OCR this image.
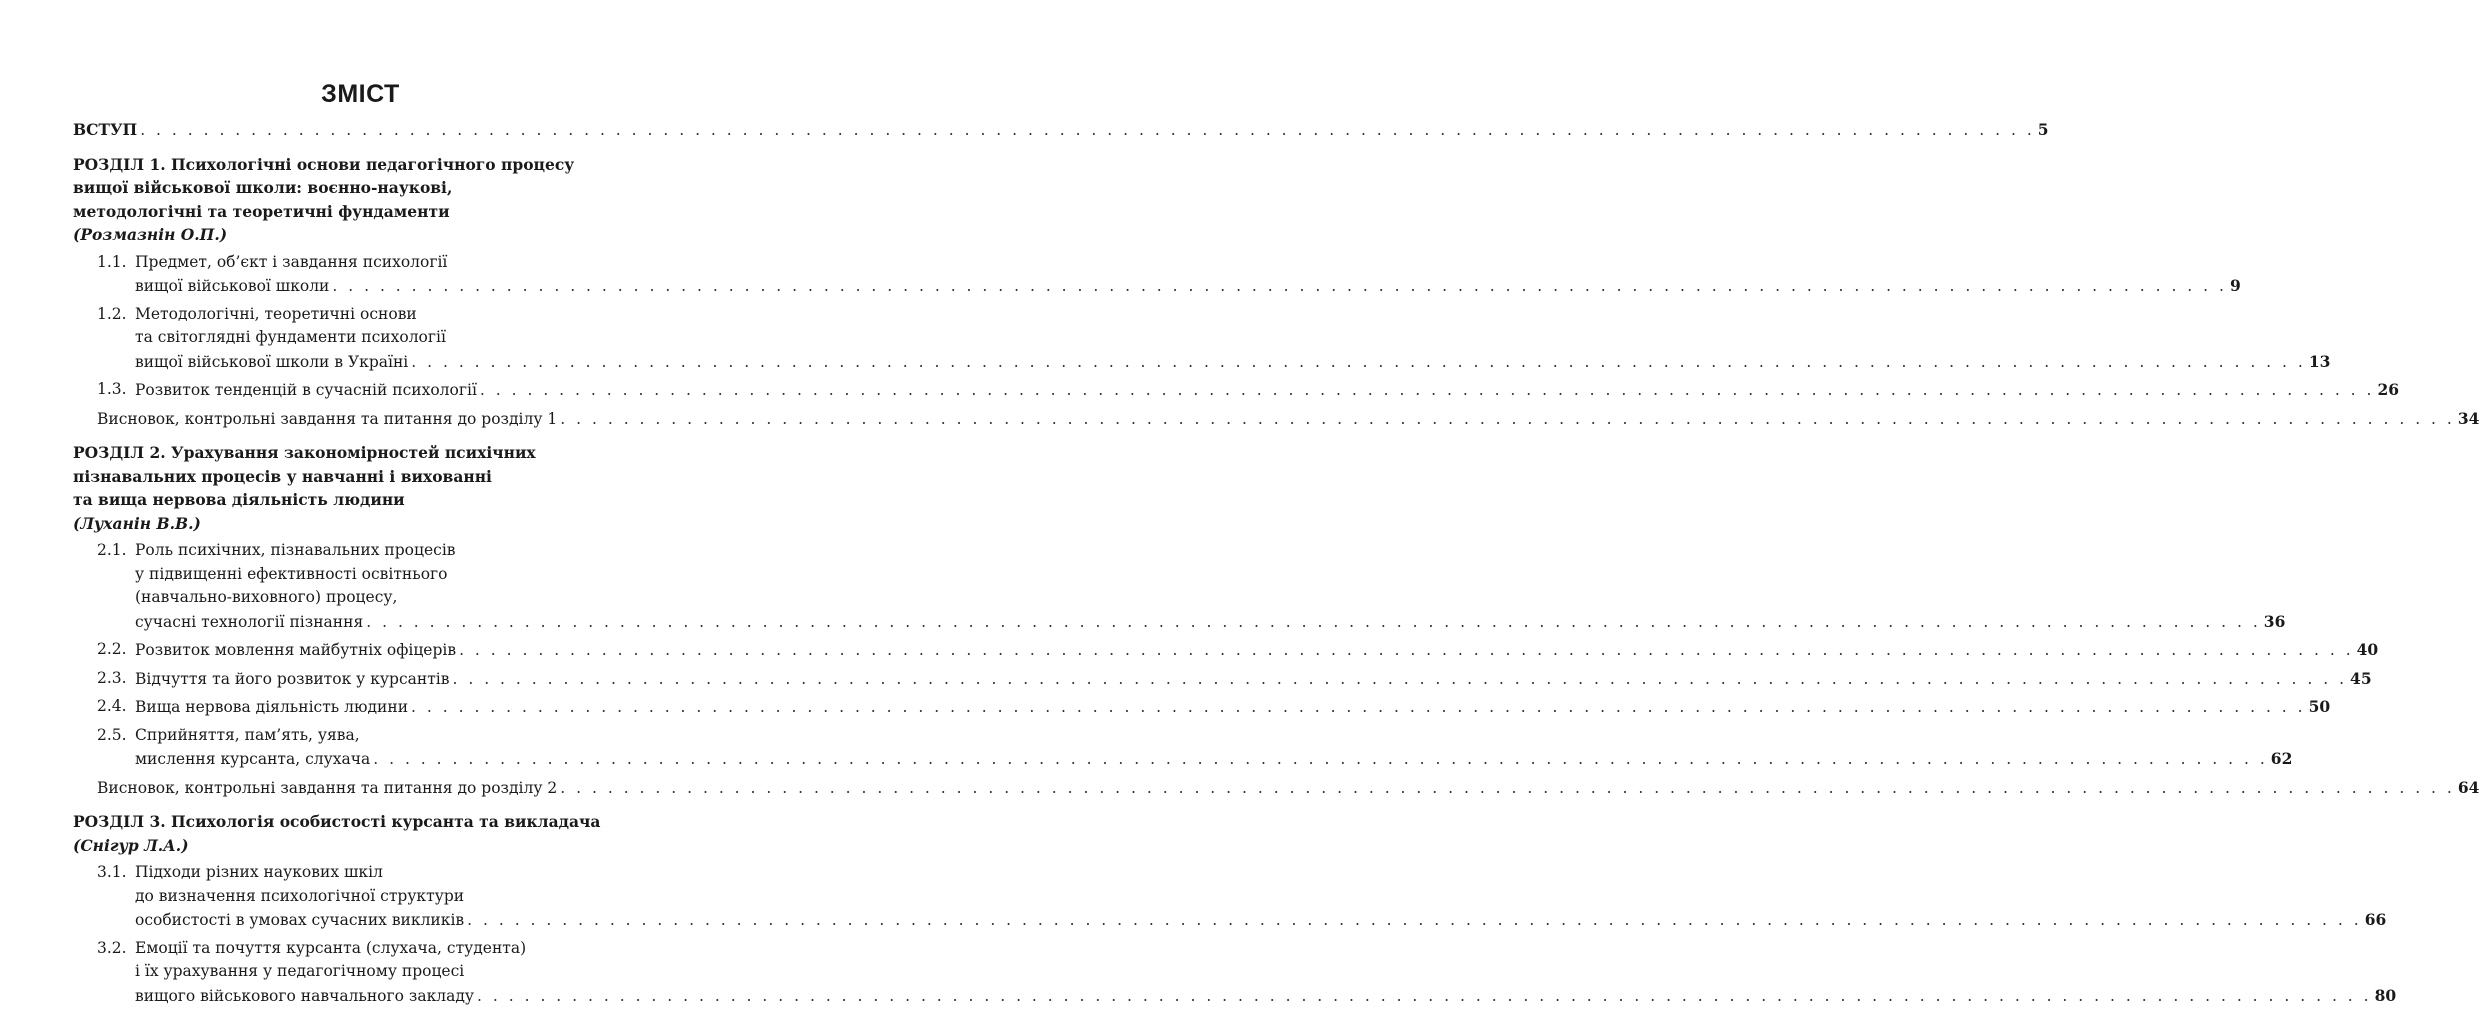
ЗМІСТ
ВСТУП . . . . . . . . . . . . . . . . . . . . . . . . . . . . . . . . . . . . . . . . . . . . . . . . . . . . . . . . . . . . . . . . . . . . . . . . . . . . . . . . . . . . . . . . . . . . . . . . . . . . . . . . . . . . . . . . . . . . . . . . 5
РОЗДІЛ 1. Психологічні основи педагогічного процесу
вищої військової школи: воєнно-наукові,
методологічні та теоретичні фундаменти
(Розмазнін О.П.)
1.1. Предмет, об’єкт і завдання психології
вищої військової школи . . . . . . . . . . . . . . . . . . . . . . . . . . . . . . . . . . . . . . . . . . . . . . . . . . . . . . . . . . . . . . . . . . . . . . . . . . . . . . . . . . . . . . . . . . . . . . . . . . . . . . . . . . . . . . . . . . . . . . . . 9
1.2. Методологічні, теоретичні основи
та світоглядні фундаменти психології
вищої військової школи в Україні . . . . . . . . . . . . . . . . . . . . . . . . . . . . . . . . . . . . . . . . . . . . . . . . . . . . . . . . . . . . . . . . . . . . . . . . . . . . . . . . . . . . . . . . . . . . . . . . . . . . . . . . . . . . . . . . . . . . . . . . 13
1.3. Розвиток тенденцій в сучасній психології . . . . . . . . . . . . . . . . . . . . . . . . . . . . . . . . . . . . . . . . . . . . . . . . . . . . . . . . . . . . . . . . . . . . . . . . . . . . . . . . . . . . . . . . . . . . . . . . . . . . . . . . . . . . . . . . . . . . . . . . 26
Висновок, контрольні завдання та питання до розділу 1 . . . . . . . . . . . . . . . . . . . . . . . . . . . . . . . . . . . . . . . . . . . . . . . . . . . . . . . . . . . . . . . . . . . . . . . . . . . . . . . . . . . . . . . . . . . . . . . . . . . . . . . . . . . . . . . . . . . . . . . . 34
РОЗДІЛ 2. Урахування закономірностей психічних
пізнавальних процесів у навчанні і вихованні
та вища нервова діяльність людини
(Луханін В.В.)
2.1. Роль психічних, пізнавальних процесів
у підвищенні ефективності освітнього
(навчально-виховного) процесу,
сучасні технології пізнання . . . . . . . . . . . . . . . . . . . . . . . . . . . . . . . . . . . . . . . . . . . . . . . . . . . . . . . . . . . . . . . . . . . . . . . . . . . . . . . . . . . . . . . . . . . . . . . . . . . . . . . . . . . . . . . . . . . . . . . . 36
2.2. Розвиток мовлення майбутніх офіцерів . . . . . . . . . . . . . . . . . . . . . . . . . . . . . . . . . . . . . . . . . . . . . . . . . . . . . . . . . . . . . . . . . . . . . . . . . . . . . . . . . . . . . . . . . . . . . . . . . . . . . . . . . . . . . . . . . . . . . . . . 40
2.3. Відчуття та його розвиток у курсантів . . . . . . . . . . . . . . . . . . . . . . . . . . . . . . . . . . . . . . . . . . . . . . . . . . . . . . . . . . . . . . . . . . . . . . . . . . . . . . . . . . . . . . . . . . . . . . . . . . . . . . . . . . . . . . . . . . . . . . . . 45
2.4. Вища нервова діяльність людини . . . . . . . . . . . . . . . . . . . . . . . . . . . . . . . . . . . . . . . . . . . . . . . . . . . . . . . . . . . . . . . . . . . . . . . . . . . . . . . . . . . . . . . . . . . . . . . . . . . . . . . . . . . . . . . . . . . . . . . . 50
2.5. Сприйняття, пам’ять, уява,
мислення курсанта, слухача . . . . . . . . . . . . . . . . . . . . . . . . . . . . . . . . . . . . . . . . . . . . . . . . . . . . . . . . . . . . . . . . . . . . . . . . . . . . . . . . . . . . . . . . . . . . . . . . . . . . . . . . . . . . . . . . . . . . . . . . 62
Висновок, контрольні завдання та питання до розділу 2 . . . . . . . . . . . . . . . . . . . . . . . . . . . . . . . . . . . . . . . . . . . . . . . . . . . . . . . . . . . . . . . . . . . . . . . . . . . . . . . . . . . . . . . . . . . . . . . . . . . . . . . . . . . . . . . . . . . . . . . . 64
РОЗДІЛ 3. Психологія особистості курсанта та викладача
(Снігур Л.А.)
3.1. Підходи різних наукових шкіл
до визначення психологічної структури
особистості в умовах сучасних викликів . . . . . . . . . . . . . . . . . . . . . . . . . . . . . . . . . . . . . . . . . . . . . . . . . . . . . . . . . . . . . . . . . . . . . . . . . . . . . . . . . . . . . . . . . . . . . . . . . . . . . . . . . . . . . . . . . . . . . . . . 66
3.2. Емоції та почуття курсанта (слухача, студента)
і їх урахування у педагогічному процесі
вищого військового навчального закладу . . . . . . . . . . . . . . . . . . . . . . . . . . . . . . . . . . . . . . . . . . . . . . . . . . . . . . . . . . . . . . . . . . . . . . . . . . . . . . . . . . . . . . . . . . . . . . . . . . . . . . . . . . . . . . . . . . . . . . . . 80
